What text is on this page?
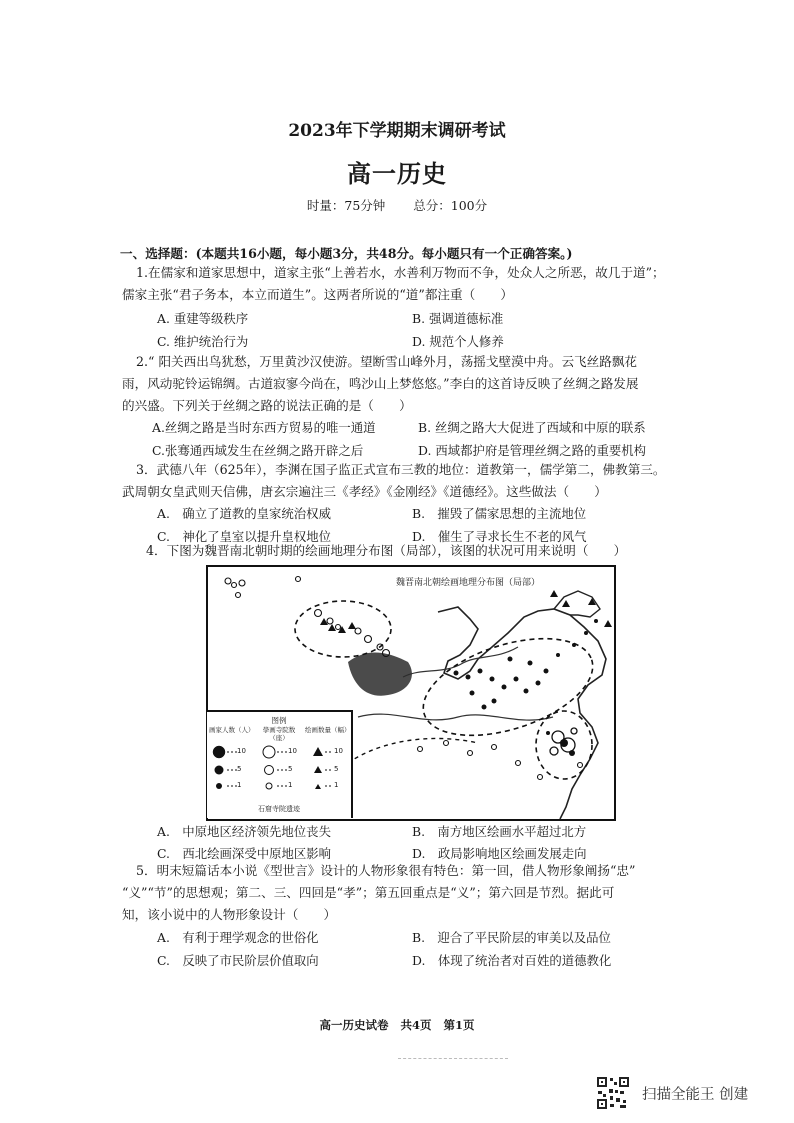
2023年下学期期末调研考试
高一历史
时量：75分钟 总分：100分
一、选择题：(本题共16小题，每小题3分，共48分。每小题只有一个正确答案。)
1.在儒家和道家思想中，道家主张“上善若水，水善利万物而不争，处众人之所恶，故几于道”；
儒家主张“君子务本，本立而道生”。这两者所说的“道”都注重（　　）
A. 重建等级秩序	B. 强调道德标准
C. 维护统治行为	D. 规范个人修养
2.“ 阳关西出鸟犹愁，万里黄沙汉使游。望断雪山峰外月，荡摇戈壁漠中舟。云飞丝路飘花
雨，风动驼铃运锦绸。古道寂寥今尚在，鸣沙山上梦悠悠。”李白的这首诗反映了丝绸之路发展
的兴盛。下列关于丝绸之路的说法正确的是（　　）
A.丝绸之路是当时东西方贸易的唯一通道	B. 丝绸之路大大促进了西域和中原的联系
C.张骞通西域发生在丝绸之路开辟之后	D. 西域都护府是管理丝绸之路的重要机构
3．武德八年（625年），李渊在国子监正式宣布三教的地位：道教第一，儒学第二，佛教第三。
武周朝女皇武则天信佛，唐玄宗遍注三《孝经》《金刚经》《道德经》。这些做法（　　）
A.　确立了道教的皇家统治权威	B.　摧毁了儒家思想的主流地位
C.　神化了皇室以提升皇权地位	D.　催生了寻求长生不老的风气
4．下图为魏晋南北朝时期的绘画地理分布图（局部），该图的状况可用来说明（　　）
魏晋南北朝绘画地理分布图（局部）
图例
画家人数（人）	學画寺院数（座）
绘画数量（幅）
10
5
1
10
5
1
10
5
1
石窟寺院遗迹
A.　中原地区经济领先地位丧失	B.　南方地区绘画水平超过北方
C.　西北绘画深受中原地区影响	D.　政局影响地区绘画发展走向
5．明末短篇话本小说《型世言》设计的人物形象很有特色：第一回，借人物形象阐扬“忠”
“义”“节”的思想观；第二、三、四回是“孝”；第五回重点是“义”；第六回是节烈。据此可
知，该小说中的人物形象设计（　　）
A.　有利于理学观念的世俗化	B.　迎合了平民阶层的审美以及品位
C.　反映了市民阶层价值取向	D.　体现了统治者对百姓的道德教化
高一历史试卷 共4页 第1页
扫描全能王 创建
